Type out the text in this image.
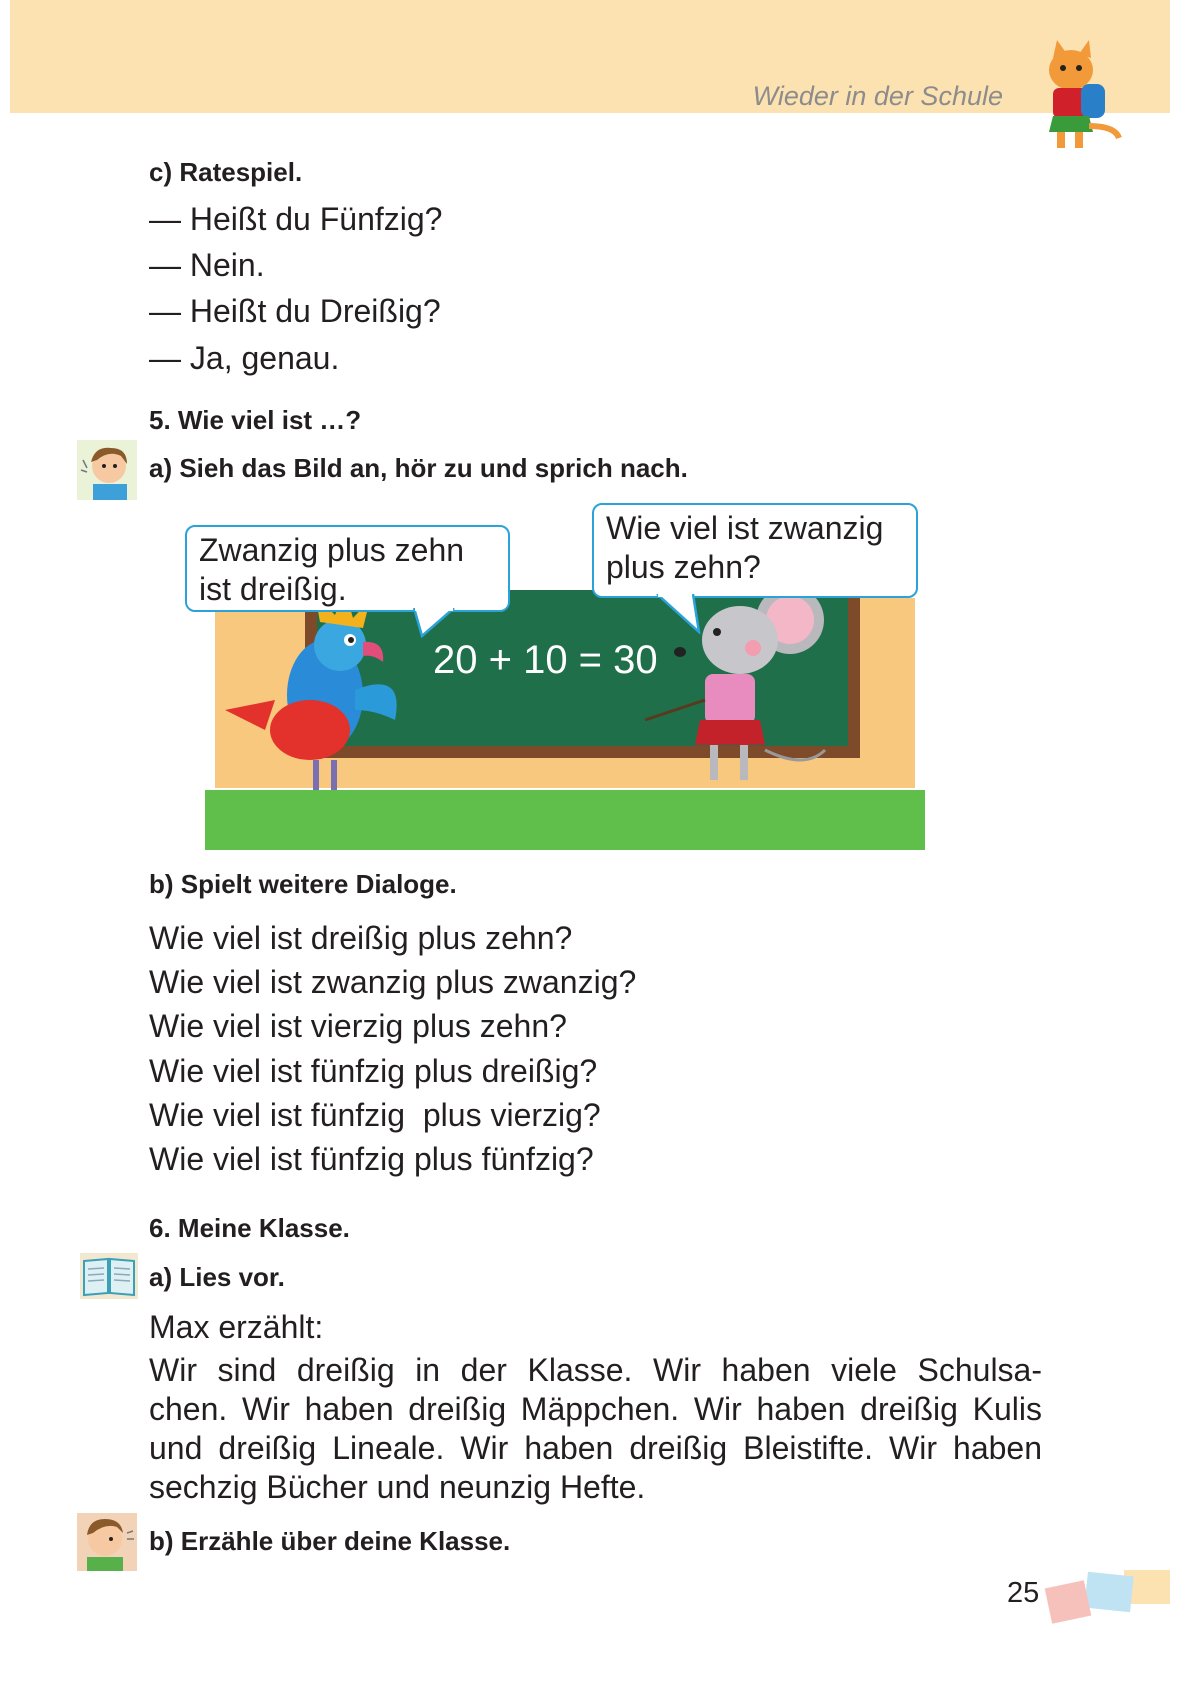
Wieder in der Schule
c) Ratespiel.
— Heißt du Fünfzig?
— Nein.
— Heißt du Dreißig?
— Ja, genau.
5. Wie viel ist …?
a) Sieh das Bild an, hör zu und sprich nach.
20 + 10 = 30
Zwanzig plus zehn
ist dreißig.
Wie viel ist zwanzig
plus zehn?
b) Spielt weitere Dialoge.
Wie viel ist dreißig plus zehn?
Wie viel ist zwanzig plus zwanzig?
Wie viel ist vierzig plus zehn?
Wie viel ist fünfzig plus dreißig?
Wie viel ist fünfzig  plus vierzig?
Wie viel ist fünfzig plus fünfzig?
6. Meine Klasse.
a) Lies vor.
Max erzählt:
Wir sind dreißig in der Klasse. Wir haben viele Schulsa-
chen. Wir haben dreißig Mäppchen. Wir haben dreißig Kulis
und dreißig Lineale. Wir haben dreißig Bleistifte. Wir haben
sechzig Bücher und neunzig Hefte.
b) Erzähle über deine Klasse.
25
